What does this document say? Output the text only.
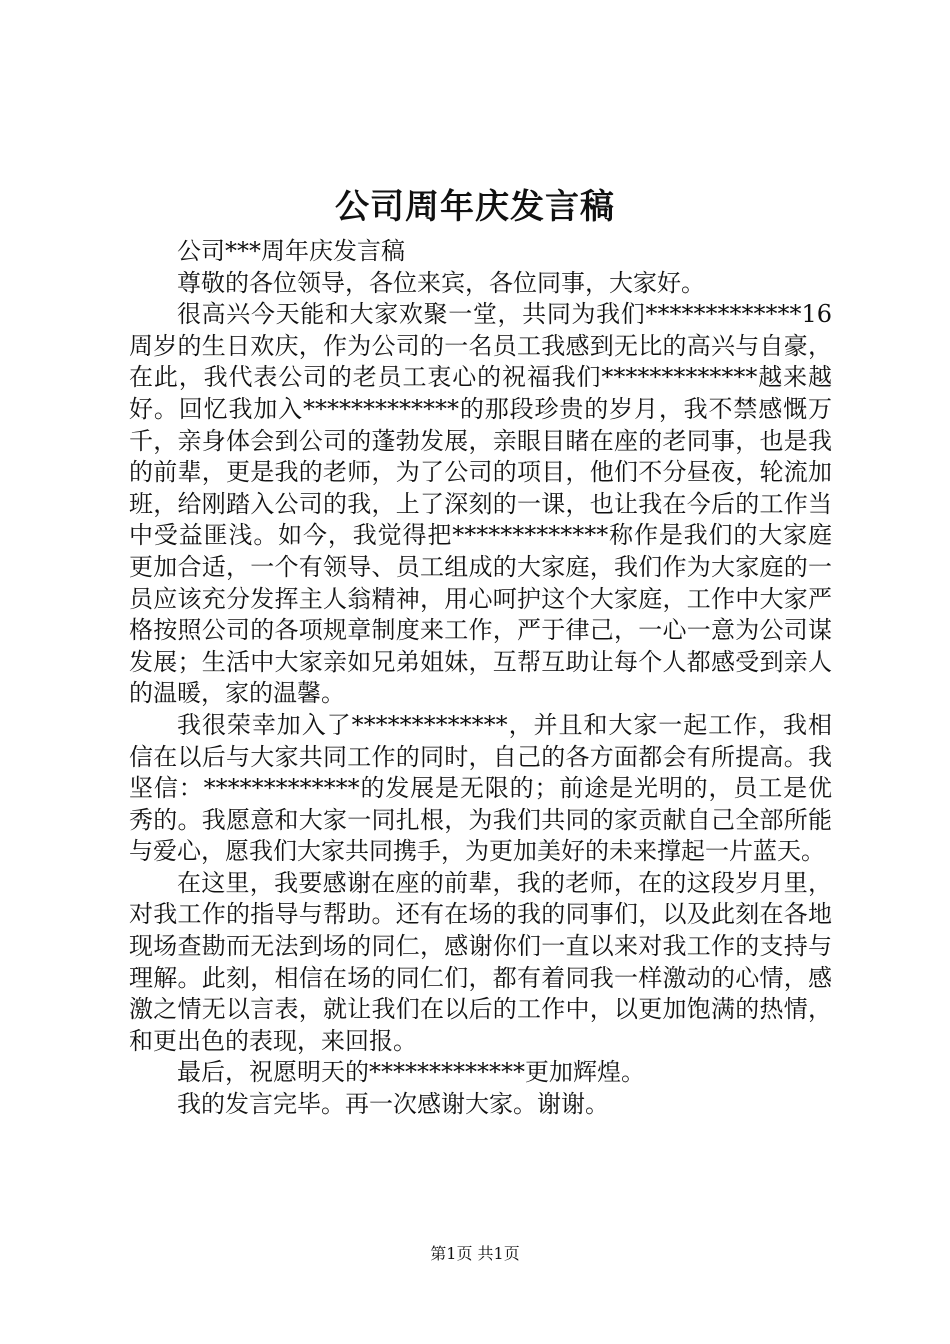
公司周年庆发言稿

公司***周年庆发言稿

尊敬的各位领导，各位来宾，各位同事，大家好。

很高兴今天能和大家欢聚一堂，共同为我们*************16周岁的生日欢庆，作为公司的一名员工我感到无比的高兴与自豪，在此，我代表公司的老员工衷心的祝福我们*************越来越好。回忆我加入*************的那段珍贵的岁月，我不禁感慨万千，亲身体会到公司的蓬勃发展，亲眼目睹在座的老同事，也是我的前辈，更是我的老师，为了公司的项目，他们不分昼夜，轮流加班，给刚踏入公司的我，上了深刻的一课，也让我在今后的工作当中受益匪浅。如今，我觉得把*************称作是我们的大家庭更加合适，一个有领导、员工组成的大家庭，我们作为大家庭的一员应该充分发挥主人翁精神，用心呵护这个大家庭，工作中大家严格按照公司的各项规章制度来工作，严于律己，一心一意为公司谋发展；生活中大家亲如兄弟姐妹，互帮互助让每个人都感受到亲人的温暖，家的温馨。

我很荣幸加入了*************，并且和大家一起工作，我相信在以后与大家共同工作的同时，自己的各方面都会有所提高。我坚信：*************的发展是无限的；前途是光明的，员工是优秀的。我愿意和大家一同扎根，为我们共同的家贡献自己全部所能与爱心，愿我们大家共同携手，为更加美好的未来撑起一片蓝天。

在这里，我要感谢在座的前辈，我的老师，在的这段岁月里，对我工作的指导与帮助。还有在场的我的同事们，以及此刻在各地现场查勘而无法到场的同仁，感谢你们一直以来对我工作的支持与理解。此刻，相信在场的同仁们，都有着同我一样激动的心情，感激之情无以言表，就让我们在以后的工作中，以更加饱满的热情，和更出色的表现，来回报。

最后，祝愿明天的*************更加辉煌。

我的发言完毕。再一次感谢大家。谢谢。

第1页 共1页
